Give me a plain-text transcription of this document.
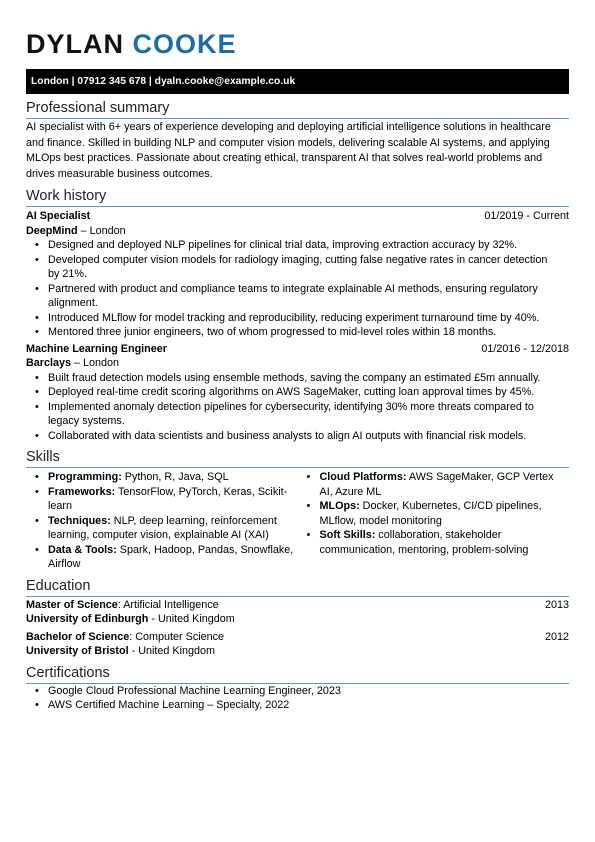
DYLAN COOKE
London | 07912 345 678 | dyaln.cooke@example.co.uk
Professional summary

AI specialist with 6+ years of experience developing and deploying artificial intelligence solutions in healthcare and finance. Skilled in building NLP and computer vision models, delivering scalable AI systems, and applying MLOps best practices. Passionate about creating ethical, transparent AI that solves real-world problems and drives measurable business outcomes.

Work history
AI Specialist	01/2019 - Current
DeepMind – London
• Designed and deployed NLP pipelines for clinical trial data, improving extraction accuracy by 32%.
• Developed computer vision models for radiology imaging, cutting false negative rates in cancer detection by 21%.
• Partnered with product and compliance teams to integrate explainable AI methods, ensuring regulatory alignment.
• Introduced MLflow for model tracking and reproducibility, reducing experiment turnaround time by 40%.
• Mentored three junior engineers, two of whom progressed to mid-level roles within 18 months.
Machine Learning Engineer	01/2016 - 12/2018
Barclays – London
• Built fraud detection models using ensemble methods, saving the company an estimated £5m annually.
• Deployed real-time credit scoring algorithms on AWS SageMaker, cutting loan approval times by 45%.
• Implemented anomaly detection pipelines for cybersecurity, identifying 30% more threats compared to legacy systems.
• Collaborated with data scientists and business analysts to align AI outputs with financial risk models.
Skills
• Programming: Python, R, Java, SQL
• Frameworks: TensorFlow, PyTorch, Keras, Scikit-learn
• Techniques: NLP, deep learning, reinforcement learning, computer vision, explainable AI (XAI)
• Data & Tools: Spark, Hadoop, Pandas, Snowflake, Airflow
• Cloud Platforms: AWS SageMaker, GCP Vertex AI, Azure ML
• MLOps: Docker, Kubernetes, CI/CD pipelines, MLflow, model monitoring
• Soft Skills: collaboration, stakeholder communication, mentoring, problem-solving
Education
Master of Science: Artificial Intelligence	2013
University of Edinburgh - United Kingdom
Bachelor of Science: Computer Science	2012
University of Bristol - United Kingdom
Certifications
• Google Cloud Professional Machine Learning Engineer, 2023
• AWS Certified Machine Learning – Specialty, 2022
